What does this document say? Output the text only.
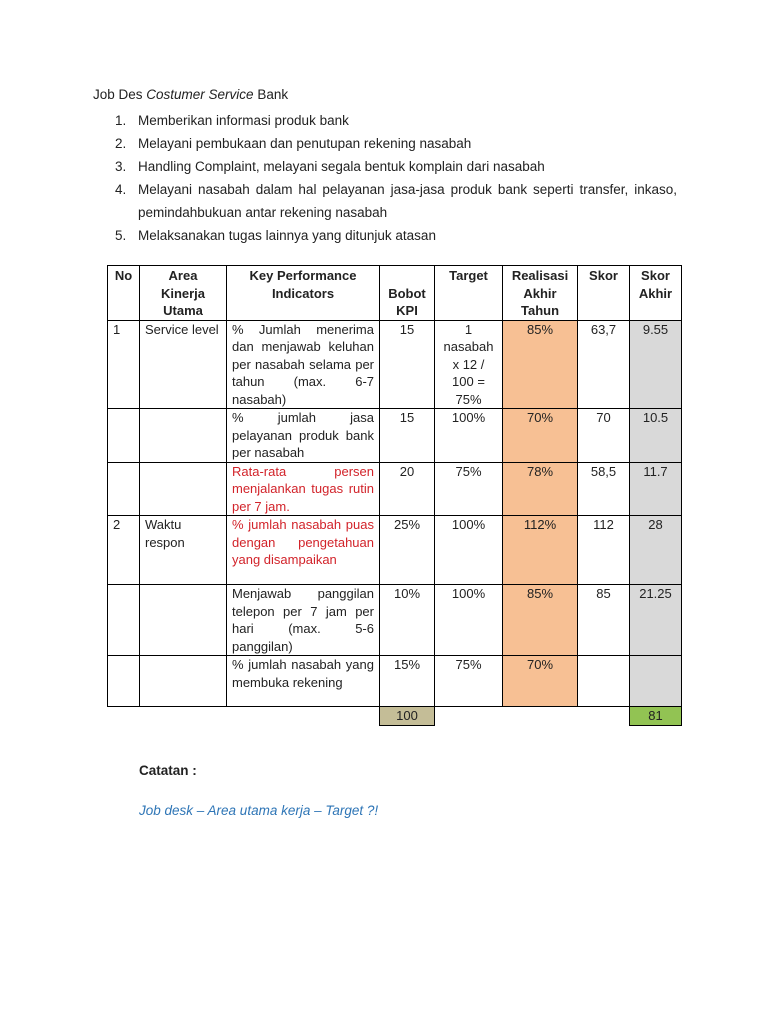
Job Des Costumer Service Bank
1. Memberikan informasi produk bank
2. Melayani pembukaan dan penutupan rekening nasabah
3. Handling Complaint, melayani segala bentuk komplain dari nasabah
4. Melayani nasabah dalam hal pelayanan jasa-jasa produk bank seperti transfer, inkaso, pemindahbukuan antar rekening nasabah
5. Melaksanakan tugas lainnya yang ditunjuk atasan
No	Area Kinerja Utama	Key Performance Indicators	Bobot KPI	Target	Realisasi Akhir Tahun	Skor	Skor Akhir
1	Service level	% Jumlah menerima dan menjawab keluhan per nasabah selama per tahun (max. 6-7 nasabah)	15	1 nasabah x 12 / 100 = 75%	85%	63,7	9.55
		% jumlah jasa pelayanan produk bank per nasabah	15	100%	70%	70	10.5
		Rata-rata persen menjalankan tugas rutin per 7 jam.	20	75%	78%	58,5	11.7
2	Waktu respon	% jumlah nasabah puas dengan pengetahuan yang disampaikan	25%	100%	112%	112	28
		Menjawab panggilan telepon per 7 jam per hari (max. 5-6 panggilan)	10%	100%	85%	85	21.25
		% jumlah nasabah yang membuka rekening	15%	75%	70%		
			100				81
Catatan :
Job desk – Area utama kerja – Target ?!
